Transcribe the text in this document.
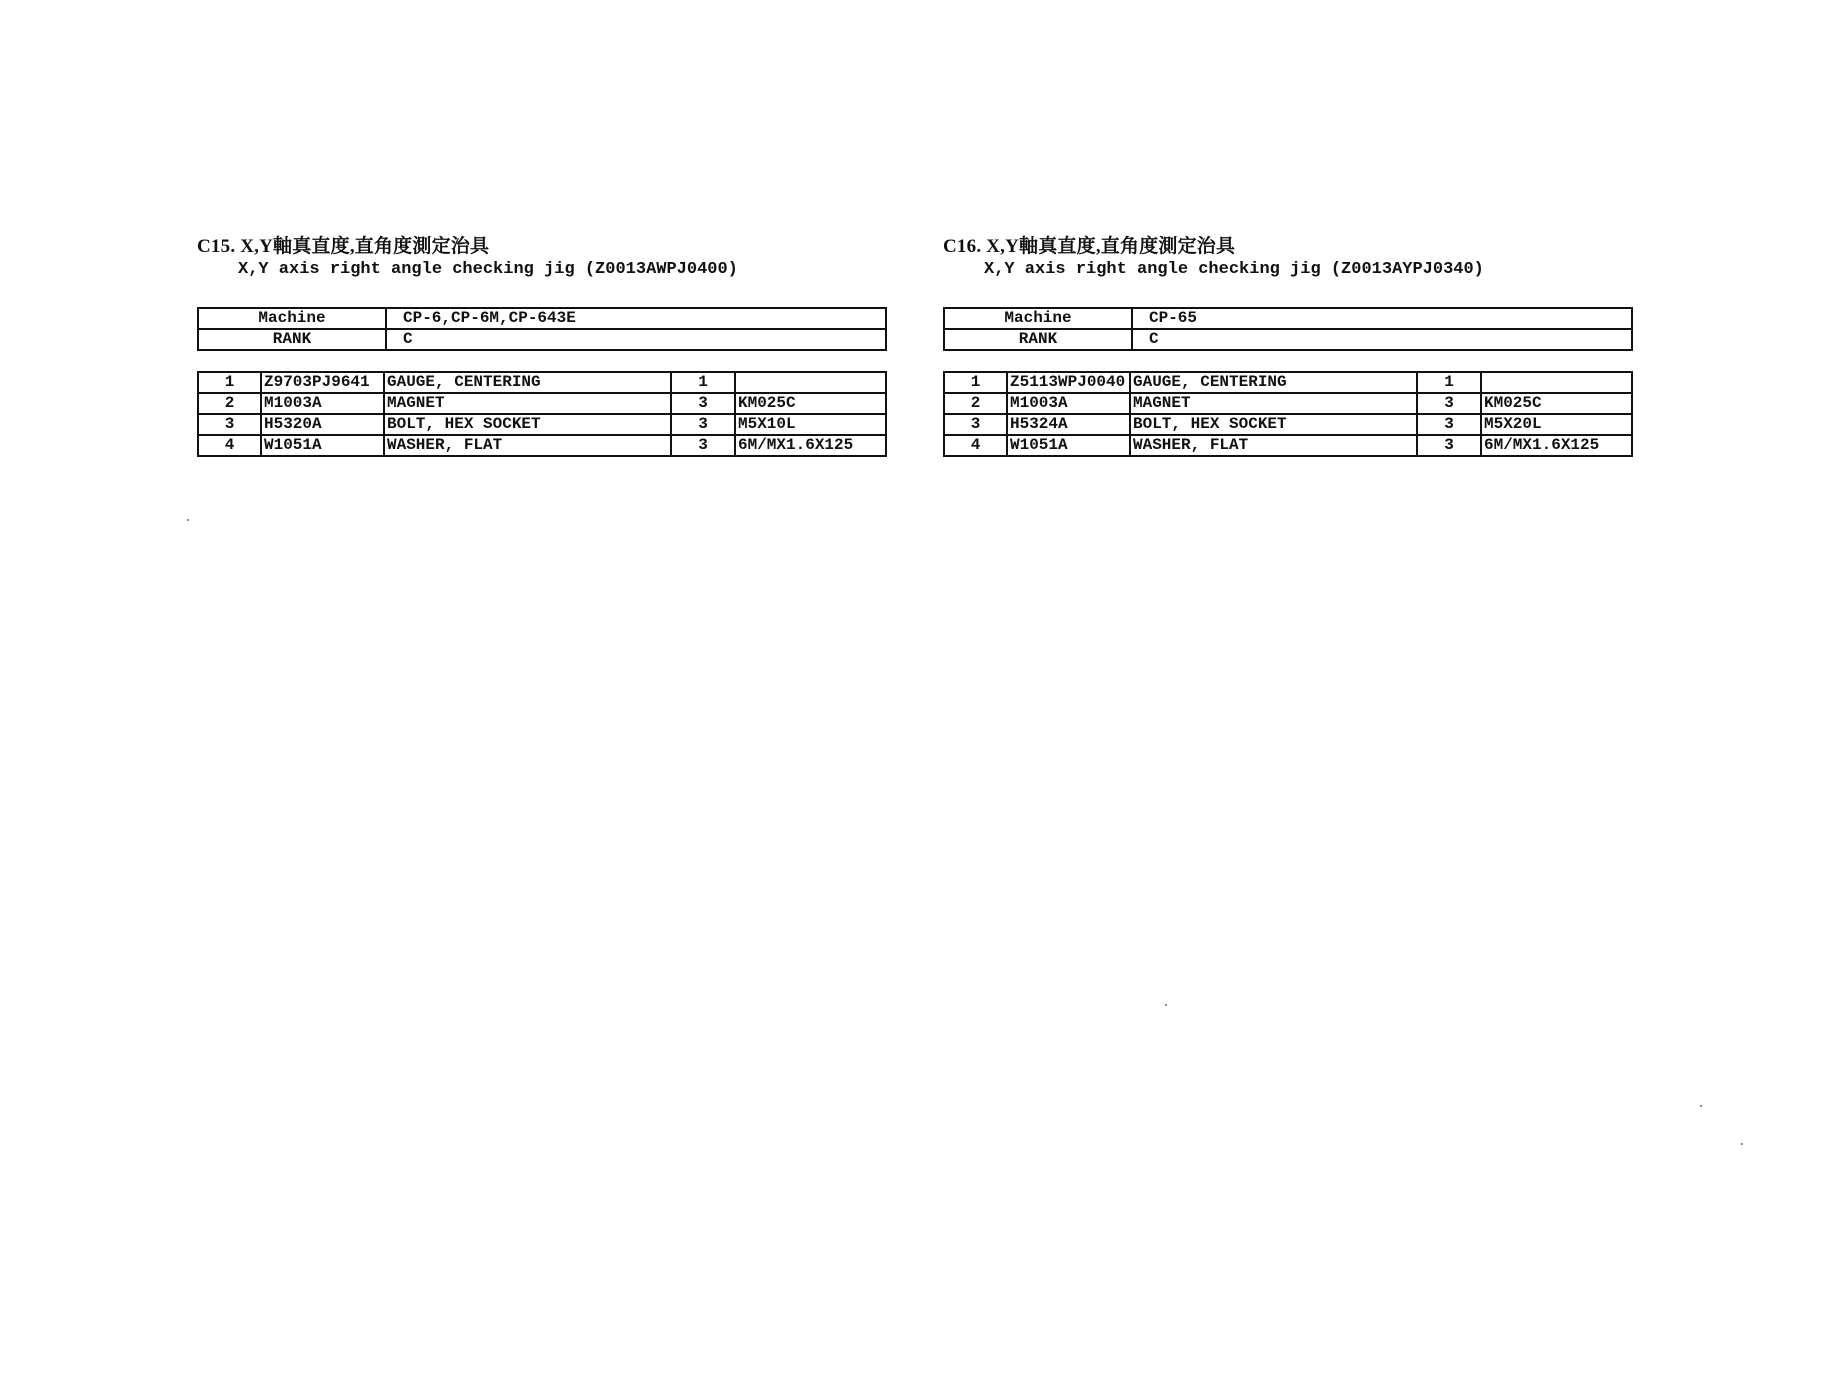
C15. X,Y軸真直度,直角度測定治具
X,Y axis right angle checking jig (Z0013AWPJ0400)
Machine	CP-6,CP-6M,CP-643E
RANK	C
1	Z9703PJ9641	GAUGE, CENTERING	1	
2	M1003A	MAGNET	3	KM025C
3	H5320A	BOLT, HEX SOCKET	3	M5X10L
4	W1051A	WASHER, FLAT	3	6M/MX1.6X125
C16. X,Y軸真直度,直角度測定治具
X,Y axis right angle checking jig (Z0013AYPJ0340)
Machine	CP-65
RANK	C
1	Z5113WPJ0040	GAUGE, CENTERING	1	
2	M1003A	MAGNET	3	KM025C
3	H5324A	BOLT, HEX SOCKET	3	M5X20L
4	W1051A	WASHER, FLAT	3	6M/MX1.6X125
